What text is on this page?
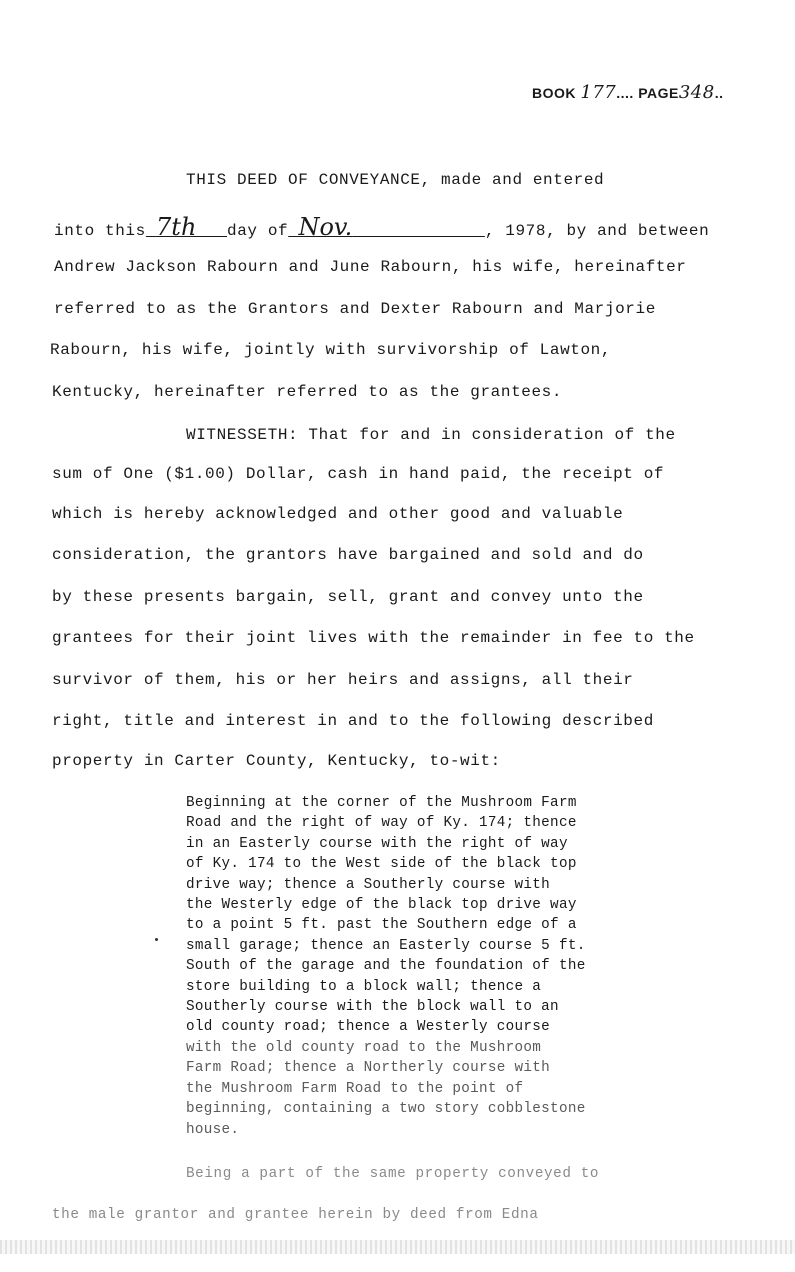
BOOK 177.... PAGE348..
THIS DEED OF CONVEYANCE, made and entered
into this 7th day of Nov.	, 1978, by and between
Andrew Jackson Rabourn and June Rabourn, his wife, hereinafter
referred to as the Grantors and Dexter Rabourn and Marjorie
Rabourn, his wife, jointly with survivorship of Lawton,
Kentucky, hereinafter referred to as the grantees.
WITNESSETH: That for and in consideration of the
sum of One ($1.00) Dollar, cash in hand paid, the receipt of
which is hereby acknowledged and other good and valuable
consideration, the grantors have bargained and sold and do
by these presents bargain, sell, grant and convey unto the
grantees for their joint lives with the remainder in fee to the
survivor of them, his or her heirs and assigns, all their
right, title and interest in and to the following described
property in Carter County, Kentucky, to-wit:
Beginning at the corner of the Mushroom Farm
Road and the right of way of Ky. 174; thence
in an Easterly course with the right of way
of Ky. 174 to the West side of the black top
drive way; thence a Southerly course with
the Westerly edge of the black top drive way
to a point 5 ft. past the Southern edge of a
small garage; thence an Easterly course 5 ft.
South of the garage and the foundation of the
store building to a block wall; thence a
Southerly course with the block wall to an
old county road; thence a Westerly course
with the old county road to the Mushroom
Farm Road; thence a Northerly course with
the Mushroom Farm Road to the point of
beginning, containing a two story cobblestone
house.
Being a part of the same property conveyed to
the male grantor and grantee herein by deed from Edna
